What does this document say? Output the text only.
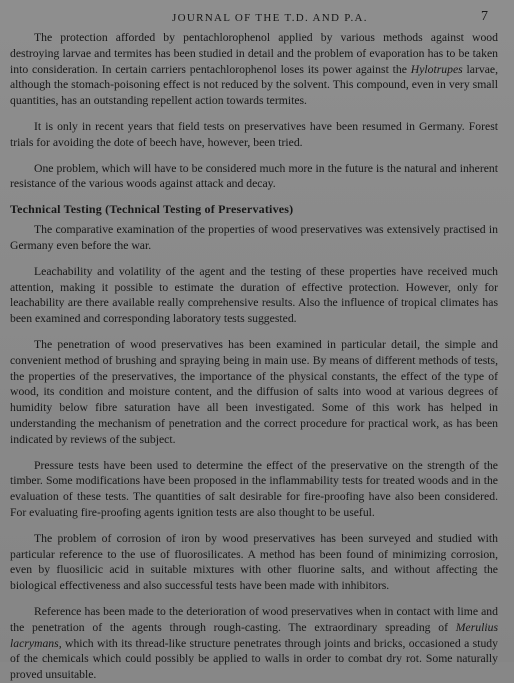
JOURNAL OF THE T.D. AND P.A.	7

The protection afforded by pentachlorophenol applied by various methods against wood destroying larvae and termites has been studied in detail and the problem of evaporation has to be taken into consideration. In certain carriers pentachlorophenol loses its power against the Hylotrupes larvae, although the stomach-poisoning effect is not reduced by the solvent. This compound, even in very small quantities, has an outstanding repellent action towards termites.

It is only in recent years that field tests on preservatives have been resumed in Germany. Forest trials for avoiding the dote of beech have, however, been tried.

One problem, which will have to be considered much more in the future is the natural and inherent resistance of the various woods against attack and decay.

Technical Testing (Technical Testing of Preservatives)

The comparative examination of the properties of wood preservatives was extensively practised in Germany even before the war.

Leachability and volatility of the agent and the testing of these properties have received much attention, making it possible to estimate the duration of effective protection. However, only for leachability are there available really comprehensive results. Also the influence of tropical climates has been examined and corresponding laboratory tests suggested.

The penetration of wood preservatives has been examined in particular detail, the simple and convenient method of brushing and spraying being in main use. By means of different methods of tests, the properties of the preservatives, the importance of the physical constants, the effect of the type of wood, its condition and moisture content, and the diffusion of salts into wood at various degrees of humidity below fibre saturation have all been investigated. Some of this work has helped in understanding the mechanism of penetration and the correct procedure for practical work, as has been indicated by reviews of the subject.

Pressure tests have been used to determine the effect of the preservative on the strength of the timber. Some modifications have been proposed in the inflammability tests for treated woods and in the evaluation of these tests. The quantities of salt desirable for fire-proofing have also been considered. For evaluating fire-proofing agents ignition tests are also thought to be useful.

The problem of corrosion of iron by wood preservatives has been surveyed and studied with particular reference to the use of fluorosilicates. A method has been found of minimizing corrosion, even by fluosilicic acid in suitable mixtures with other fluorine salts, and without affecting the biological effectiveness and also successful tests have been made with inhibitors.

Reference has been made to the deterioration of wood preservatives when in contact with lime and the penetration of the agents through rough-casting. The extraordinary spreading of Merulius lacrymans, which with its thread-like structure penetrates through joints and bricks, occasioned a study of the chemicals which could possibly be applied to walls in order to combat dry rot. Some naturally proved unsuitable.
